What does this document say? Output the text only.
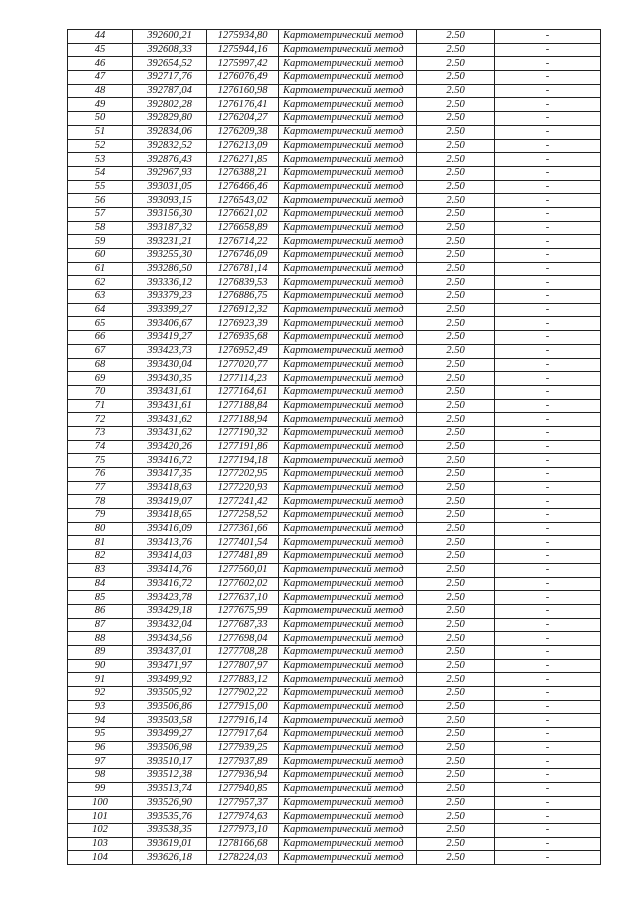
44	392600,21	1275934,80	Картометрический метод	2.50	-
45	392608,33	1275944,16	Картометрический метод	2.50	-
46	392654,52	1275997,42	Картометрический метод	2.50	-
47	392717,76	1276076,49	Картометрический метод	2.50	-
48	392787,04	1276160,98	Картометрический метод	2.50	-
49	392802,28	1276176,41	Картометрический метод	2.50	-
50	392829,80	1276204,27	Картометрический метод	2.50	-
51	392834,06	1276209,38	Картометрический метод	2.50	-
52	392832,52	1276213,09	Картометрический метод	2.50	-
53	392876,43	1276271,85	Картометрический метод	2.50	-
54	392967,93	1276388,21	Картометрический метод	2.50	-
55	393031,05	1276466,46	Картометрический метод	2.50	-
56	393093,15	1276543,02	Картометрический метод	2.50	-
57	393156,30	1276621,02	Картометрический метод	2.50	-
58	393187,32	1276658,89	Картометрический метод	2.50	-
59	393231,21	1276714,22	Картометрический метод	2.50	-
60	393255,30	1276746,09	Картометрический метод	2.50	-
61	393286,50	1276781,14	Картометрический метод	2.50	-
62	393336,12	1276839,53	Картометрический метод	2.50	-
63	393379,23	1276886,75	Картометрический метод	2.50	-
64	393399,27	1276912,32	Картометрический метод	2.50	-
65	393406,67	1276923,39	Картометрический метод	2.50	-
66	393419,27	1276935,68	Картометрический метод	2.50	-
67	393423,73	1276952,49	Картометрический метод	2.50	-
68	393430,04	1277020,77	Картометрический метод	2.50	-
69	393430,35	1277114,23	Картометрический метод	2.50	-
70	393431,61	1277164,61	Картометрический метод	2.50	-
71	393431,61	1277188,84	Картометрический метод	2.50	-
72	393431,62	1277188,94	Картометрический метод	2.50	-
73	393431,62	1277190,32	Картометрический метод	2.50	-
74	393420,26	1277191,86	Картометрический метод	2.50	-
75	393416,72	1277194,18	Картометрический метод	2.50	-
76	393417,35	1277202,95	Картометрический метод	2.50	-
77	393418,63	1277220,93	Картометрический метод	2.50	-
78	393419,07	1277241,42	Картометрический метод	2.50	-
79	393418,65	1277258,52	Картометрический метод	2.50	-
80	393416,09	1277361,66	Картометрический метод	2.50	-
81	393413,76	1277401,54	Картометрический метод	2.50	-
82	393414,03	1277481,89	Картометрический метод	2.50	-
83	393414,76	1277560,01	Картометрический метод	2.50	-
84	393416,72	1277602,02	Картометрический метод	2.50	-
85	393423,78	1277637,10	Картометрический метод	2.50	-
86	393429,18	1277675,99	Картометрический метод	2.50	-
87	393432,04	1277687,33	Картометрический метод	2.50	-
88	393434,56	1277698,04	Картометрический метод	2.50	-
89	393437,01	1277708,28	Картометрический метод	2.50	-
90	393471,97	1277807,97	Картометрический метод	2.50	-
91	393499,92	1277883,12	Картометрический метод	2.50	-
92	393505,92	1277902,22	Картометрический метод	2.50	-
93	393506,86	1277915,00	Картометрический метод	2.50	-
94	393503,58	1277916,14	Картометрический метод	2.50	-
95	393499,27	1277917,64	Картометрический метод	2.50	-
96	393506,98	1277939,25	Картометрический метод	2.50	-
97	393510,17	1277937,89	Картометрический метод	2.50	-
98	393512,38	1277936,94	Картометрический метод	2.50	-
99	393513,74	1277940,85	Картометрический метод	2.50	-
100	393526,90	1277957,37	Картометрический метод	2.50	-
101	393535,76	1277974,63	Картометрический метод	2.50	-
102	393538,35	1277973,10	Картометрический метод	2.50	-
103	393619,01	1278166,68	Картометрический метод	2.50	-
104	393626,18	1278224,03	Картометрический метод	2.50	-
